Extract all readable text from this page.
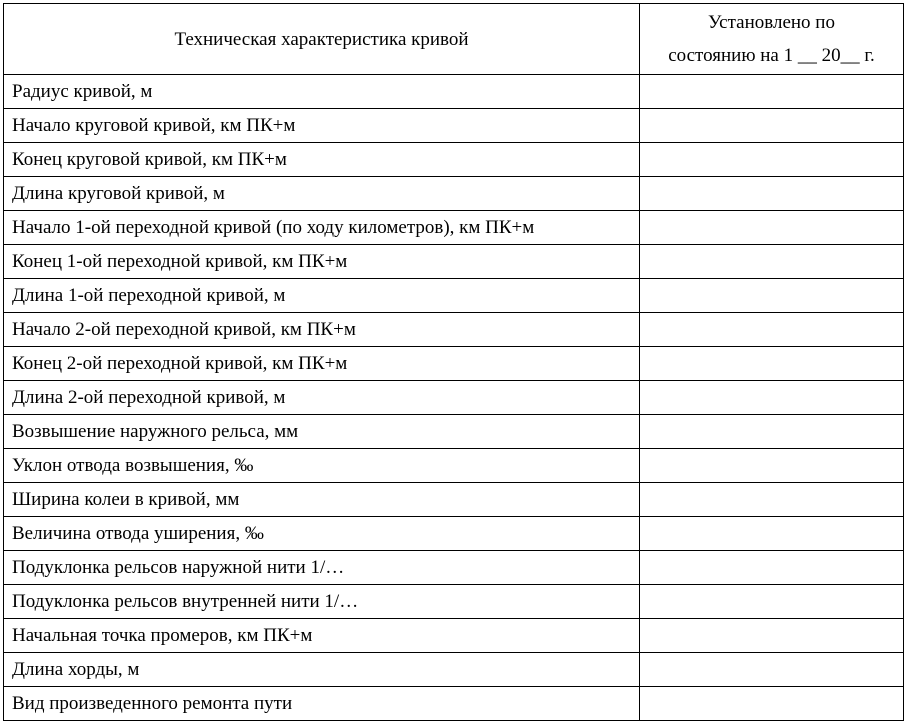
Техническая характеристика кривой	Установлено по
состоянию на 1 __ 20__ г.

Радиус кривой, м	
Начало круговой кривой, км ПК+м	
Конец круговой кривой, км ПК+м	
Длина круговой кривой, м	
Начало 1-ой переходной кривой (по ходу километров), км ПК+м	
Конец 1-ой переходной кривой, км ПК+м	
Длина 1-ой переходной кривой, м	
Начало 2-ой переходной кривой, км ПК+м	
Конец 2-ой переходной кривой, км ПК+м	
Длина 2-ой переходной кривой, м	
Возвышение наружного рельса, мм	
Уклон отвода возвышения, ‰	
Ширина колеи в кривой, мм	
Величина отвода уширения, ‰	
Подуклонка рельсов наружной нити 1/…	
Подуклонка рельсов внутренней нити 1/…	
Начальная точка промеров, км ПК+м	
Длина хорды, м	
Вид произведенного ремонта пути	
